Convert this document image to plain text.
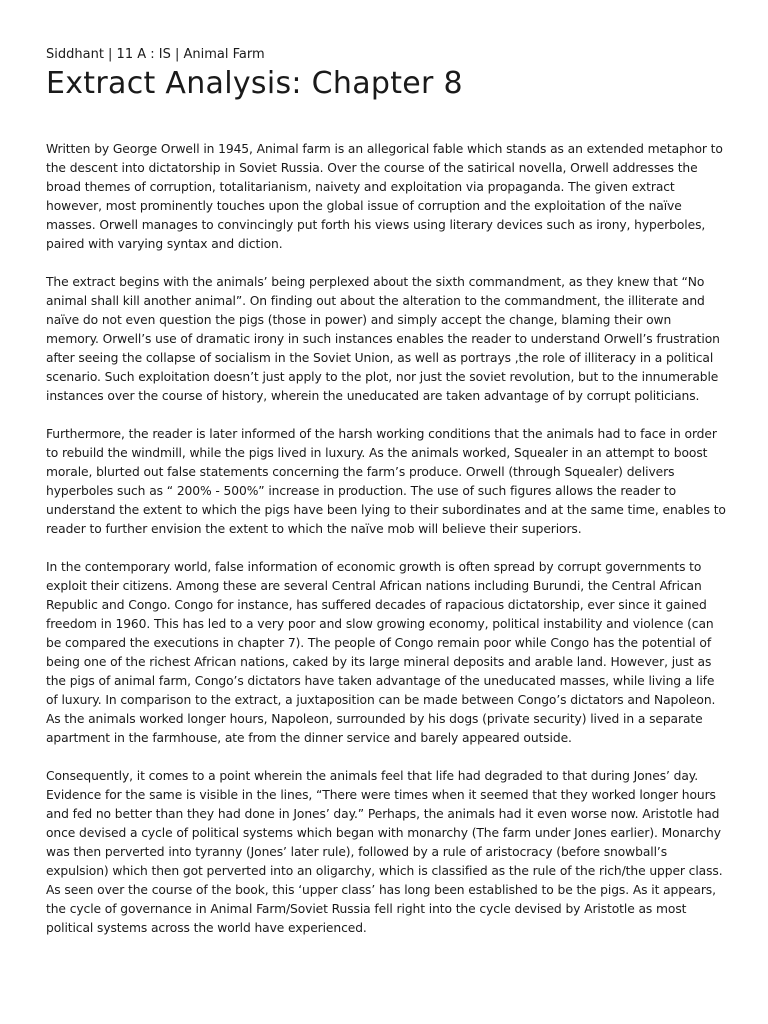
Siddhant | 11 A : IS | Animal Farm

Extract Analysis: Chapter 8

Written by George Orwell in 1945, Animal farm is an allegorical fable which stands as an extended metaphor to the descent into dictatorship in Soviet Russia. Over the course of the satirical novella, Orwell addresses the broad themes of corruption, totalitarianism, naivety and exploitation via propaganda. The given extract however, most prominently touches upon the global issue of corruption and the exploitation of the naïve masses. Orwell manages to convincingly put forth his views using literary devices such as irony, hyperboles, paired with varying syntax and diction.

The extract begins with the animals’ being perplexed about the sixth commandment, as they knew that “No animal shall kill another animal”. On finding out about the alteration to the commandment, the illiterate and naïve do not even question the pigs (those in power) and simply accept the change, blaming their own memory. Orwell’s use of dramatic irony in such instances enables the reader to understand Orwell’s frustration after seeing the collapse of socialism in the Soviet Union, as well as portrays ,the role of illiteracy in a political scenario. Such exploitation doesn’t just apply to the plot, nor just the soviet revolution, but to the innumerable instances over the course of history, wherein the uneducated are taken advantage of by corrupt politicians.

Furthermore, the reader is later informed of the harsh working conditions that the animals had to face in order to rebuild the windmill, while the pigs lived in luxury. As the animals worked, Squealer in an attempt to boost morale, blurted out false statements concerning the farm’s produce. Orwell (through Squealer) delivers hyperboles such as “ 200% - 500%” increase in production. The use of such figures allows the reader to understand the extent to which the pigs have been lying to their subordinates and at the same time, enables to reader to further envision the extent to which the naïve mob will believe their superiors.

In the contemporary world, false information of economic growth is often spread by corrupt governments to exploit their citizens. Among these are several Central African nations including Burundi, the Central African Republic and Congo. Congo for instance, has suffered decades of rapacious dictatorship, ever since it gained freedom in 1960. This has led to a very poor and slow growing economy, political instability and violence (can be compared the executions in chapter 7). The people of Congo remain poor while Congo has the potential of being one of the richest African nations, caked by its large mineral deposits and arable land. However, just as the pigs of animal farm, Congo’s dictators have taken advantage of the uneducated masses, while living a life of luxury. In comparison to the extract, a juxtaposition can be made between Congo’s dictators and Napoleon. As the animals worked longer hours, Napoleon, surrounded by his dogs (private security) lived in a separate apartment in the farmhouse, ate from the dinner service and barely appeared outside.

Consequently, it comes to a point wherein the animals feel that life had degraded to that during Jones’ day. Evidence for the same is visible in the lines, “There were times when it seemed that they worked longer hours and fed no better than they had done in Jones’ day.” Perhaps, the animals had it even worse now. Aristotle had once devised a cycle of political systems which began with monarchy (The farm under Jones earlier). Monarchy was then perverted into tyranny (Jones’ later rule), followed by a rule of aristocracy (before snowball’s expulsion) which then got perverted into an oligarchy, which is classified as the rule of the rich/the upper class. As seen over the course of the book, this ‘upper class’ has long been established to be the pigs. As it appears, the cycle of governance in Animal Farm/Soviet Russia fell right into the cycle devised by Aristotle as most political systems across the world have experienced.
